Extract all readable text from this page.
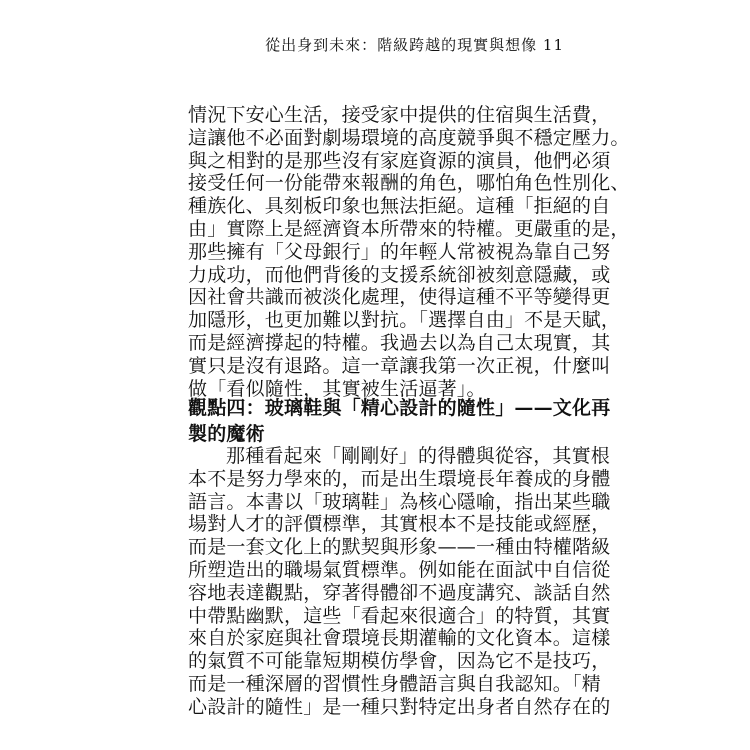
從出身到未來：階級跨越的現實與想像 11
情況下安心生活，接受家中提供的住宿與生活費，
這讓他不必面對劇場環境的高度競爭與不穩定壓力。
與之相對的是那些沒有家庭資源的演員，他們必須
接受任何一份能帶來報酬的角色，哪怕角色性別化、
種族化、具刻板印象也無法拒絕。這種「拒絕的自
由」實際上是經濟資本所帶來的特權。更嚴重的是，
那些擁有「父母銀行」的年輕人常被視為靠自己努
力成功，而他們背後的支援系統卻被刻意隱藏，或
因社會共識而被淡化處理，使得這種不平等變得更
加隱形，也更加難以對抗。「選擇自由」不是天賦，
而是經濟撐起的特權。我過去以為自己太現實，其
實只是沒有退路。這一章讓我第一次正視，什麼叫
做「看似隨性，其實被生活逼著」。
觀點四：玻璃鞋與「精心設計的隨性」——文化再
製的魔術
那種看起來「剛剛好」的得體與從容，其實根
本不是努力學來的，而是出生環境長年養成的身體
語言。本書以「玻璃鞋」為核心隱喻，指出某些職
場對人才的評價標準，其實根本不是技能或經歷，
而是一套文化上的默契與形象——一種由特權階級
所塑造出的職場氣質標準。例如能在面試中自信從
容地表達觀點，穿著得體卻不過度講究、談話自然
中帶點幽默，這些「看起來很適合」的特質，其實
來自於家庭與社會環境長期灌輸的文化資本。這樣
的氣質不可能靠短期模仿學會，因為它不是技巧，
而是一種深層的習慣性身體語言與自我認知。「精
心設計的隨性」是一種只對特定出身者自然存在的
